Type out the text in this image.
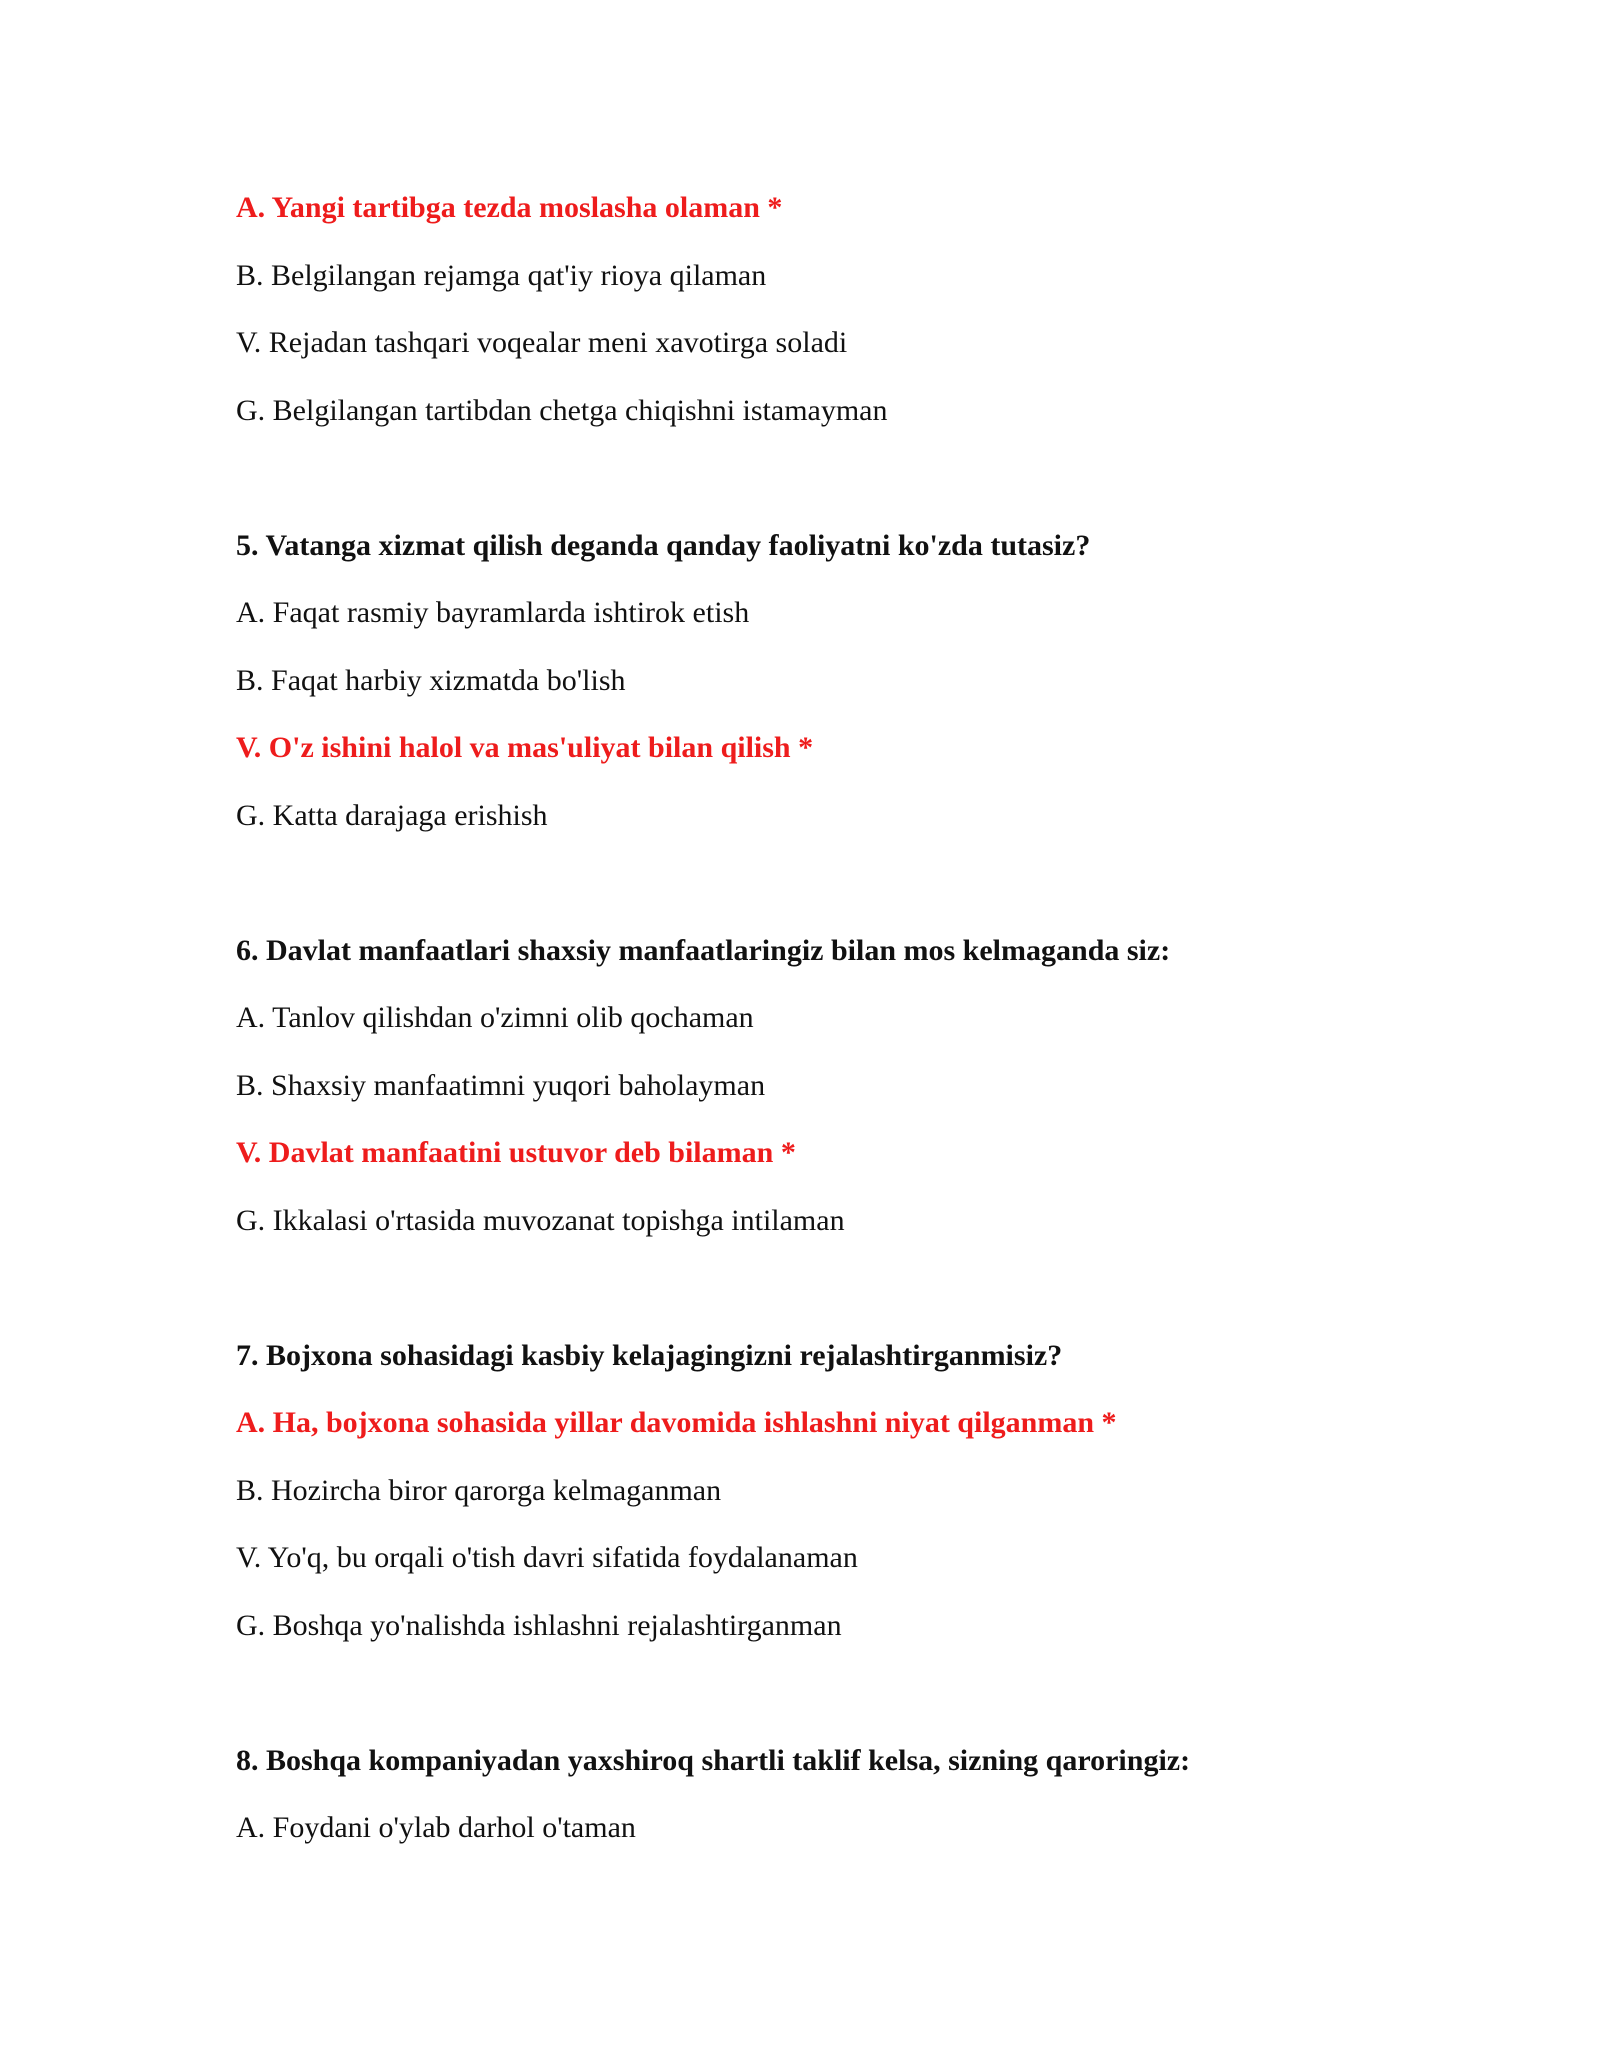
A. Yangi tartibga tezda moslasha olaman *
B. Belgilangan rejamga qat'iy rioya qilaman
V. Rejadan tashqari voqealar meni xavotirga soladi
G. Belgilangan tartibdan chetga chiqishni istamayman
5. Vatanga xizmat qilish deganda qanday faoliyatni ko'zda tutasiz?
A. Faqat rasmiy bayramlarda ishtirok etish
B. Faqat harbiy xizmatda bo'lish
V. O'z ishini halol va mas'uliyat bilan qilish *
G. Katta darajaga erishish
6. Davlat manfaatlari shaxsiy manfaatlaringiz bilan mos kelmaganda siz:
A. Tanlov qilishdan o'zimni olib qochaman
B. Shaxsiy manfaatimni yuqori baholayman
V. Davlat manfaatini ustuvor deb bilaman *
G. Ikkalasi o'rtasida muvozanat topishga intilaman
7. Bojxona sohasidagi kasbiy kelajagingizni rejalashtirganmisiz?
A. Ha, bojxona sohasida yillar davomida ishlashni niyat qilganman *
B. Hozircha biror qarorga kelmaganman
V. Yo'q, bu orqali o'tish davri sifatida foydalanaman
G. Boshqa yo'nalishda ishlashni rejalashtirganman
8. Boshqa kompaniyadan yaxshiroq shartli taklif kelsa, sizning qaroringiz:
A. Foydani o'ylab darhol o'taman
